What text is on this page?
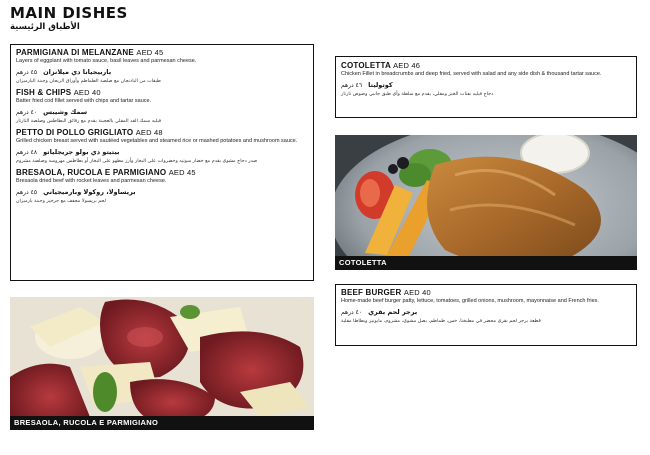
MAIN DISHES
الأطباق الرئيسية
PARMIGIANA DI MELANZANE AED 45
Layers of eggplant with tomato sauce, basil leaves and parmesan cheese.
باربيجيانا دي ميلانزان
٤٥ درهم
طبقات من الباذنجان مع صلصة الطماطم وأوراق الريحان وجبنة البارميزان
FISH & CHIPS AED 40
Batter fried cod fillet served with chips and tartar sauce.
سمك وشيبس
٤٠ درهم
فيليه سمك القد المقلي بالعجينة يقدم مع رقائق البطاطس وصلصة التارتار
PETTO DI POLLO GRIGLIATO AED 48
Grilled chicken breast served with sautéed vegetables and steamed rice or mashed potatoes and mushroom sauce.
بيتيتو دي بولو جريجلياتو
٤٨ درهم
صدر دجاج مشوي يقدم مع خضار سوتيه وخضروات على البخار وأرز مطهو على البخار أو بطاطس مهروسة وصلصة مشروم
BRESAOLA, RUCOLA E PARMIGIANO AED 45
Bresaola dried beef with rocket leaves and parmesan cheese.
بريساولا، روكولا وبارميجياني
٤٥ درهم
لحم بريسولا مجفف مع جرجير وجبنة بارميزان
COTOLETTA AED 46
Chicken Fillet in breadcrumbs and deep fried, served with salad and any side dish & thousand tartar sauce.
كوتوليتا
٤٦ درهم
دجاج فيليه بفتات الخبز ومقلي، يقدم مع سلطة وأي طبق جانبي وصوص تارتار
COTOLETTA
BEEF BURGER AED 40
Home-made beef burger patty, lettuce, tomatoes, grilled onions, mushroom, mayonnaise and French fries.
برجر لحم بقري
٤٠ درهم
قطعة برجر لحم بقري محضر في مطبخنا، خس، طماطم، بصل مشوي، مشروم، مايونيز وبطاطا مقلية
BRESAOLA, RUCOLA E PARMIGIANO
